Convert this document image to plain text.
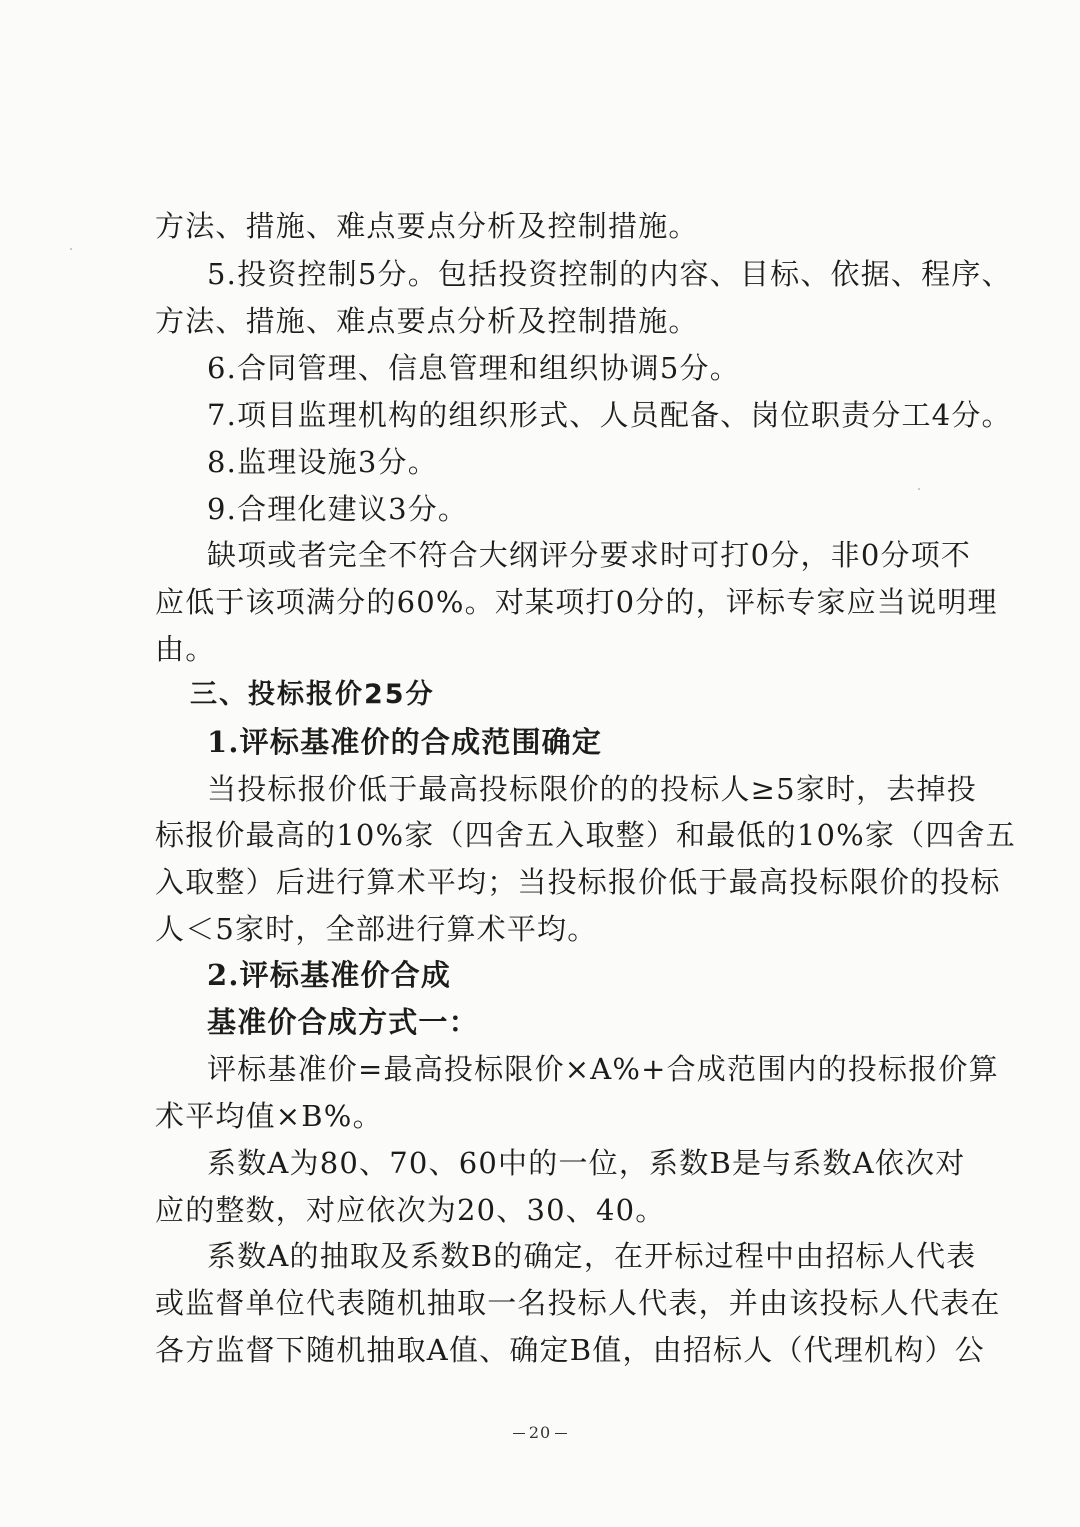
方法、措施、难点要点分析及控制措施。
5.投资控制5分。包括投资控制的内容、目标、依据、程序、
方法、措施、难点要点分析及控制措施。
6.合同管理、信息管理和组织协调5分。
7.项目监理机构的组织形式、人员配备、岗位职责分工4分。
8.监理设施3分。
9.合理化建议3分。
缺项或者完全不符合大纲评分要求时可打0分，非0分项不
应低于该项满分的60%。对某项打0分的，评标专家应当说明理
由。
三、投标报价25分
1.评标基准价的合成范围确定
当投标报价低于最高投标限价的的投标人≥5家时，去掉投
标报价最高的10%家（四舍五入取整）和最低的10%家（四舍五
入取整）后进行算术平均；当投标报价低于最高投标限价的投标
人＜5家时，全部进行算术平均。
2.评标基准价合成
基准价合成方式一：
评标基准价=最高投标限价×A%+合成范围内的投标报价算
术平均值×B%。
系数A为80、70、60中的一位，系数B是与系数A依次对
应的整数，对应依次为20、30、40。
系数A的抽取及系数B的确定，在开标过程中由招标人代表
或监督单位代表随机抽取一名投标人代表，并由该投标人代表在
各方监督下随机抽取A值、确定B值，由招标人（代理机构）公
20
